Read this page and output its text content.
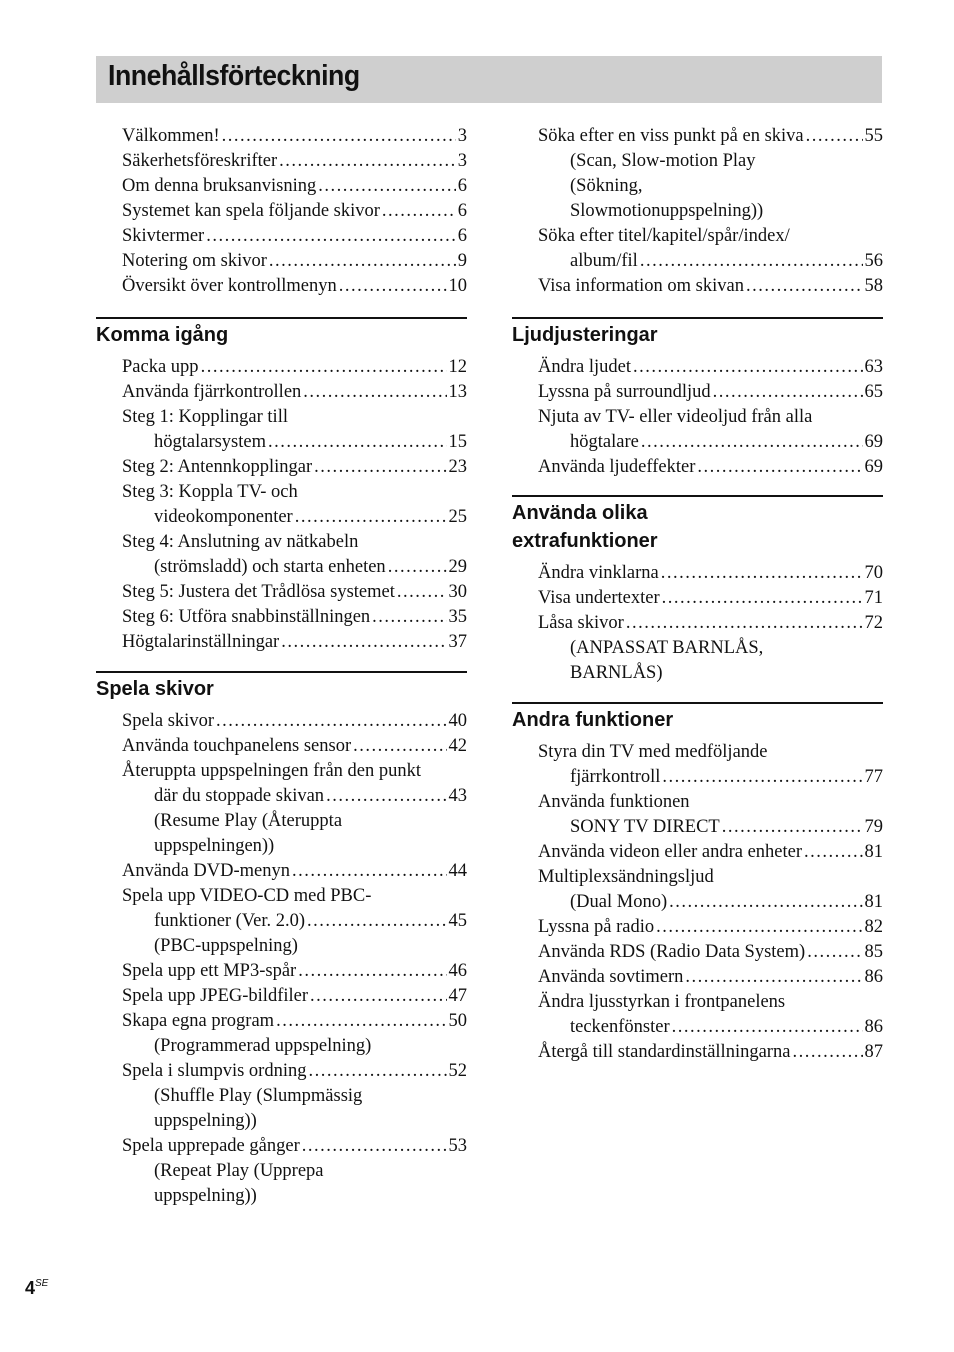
Innehållsförteckning
Välkommen! .....	3
Säkerhetsföreskrifter .....	3
Om denna bruksanvisning .....	6
Systemet kan spela följande skivor .....	6
Skivtermer .....	6
Notering om skivor .....	9
Översikt över kontrollmenyn .....	10
Komma igång
Packa upp .....	12
Använda fjärrkontrollen .....	13
Steg 1: Kopplingar till
högtalarsystem .....	15
Steg 2: Antennkopplingar .....	23
Steg 3: Koppla TV- och
videokomponenter .....	25
Steg 4: Anslutning av nätkabeln
(strömsladd) och starta enheten .....	29
Steg 5: Justera det Trådlösa systemet .....	30
Steg 6: Utföra snabbinställningen .....	35
Högtalarinställningar .....	37
Spela skivor
Spela skivor .....	40
Använda touchpanelens sensor .....	42
Återuppta uppspelningen från den punkt
där du stoppade skivan .....	43
(Resume Play (Återuppta
uppspelningen))
Använda DVD-menyn .....	44
Spela upp VIDEO-CD med PBC-
funktioner (Ver. 2.0) .....	45
(PBC-uppspelning)
Spela upp ett MP3-spår .....	46
Spela upp JPEG-bildfiler .....	47
Skapa egna program .....	50
(Programmerad uppspelning)
Spela i slumpvis ordning .....	52
(Shuffle Play (Slumpmässig
uppspelning))
Spela upprepade gånger .....	53
(Repeat Play (Upprepa
uppspelning))
Söka efter en viss punkt på en skiva .....	55
(Scan, Slow-motion Play
(Sökning,
Slowmotionuppspelning))
Söka efter titel/kapitel/spår/index/
album/fil .....	56
Visa information om skivan .....	58
Ljudjusteringar
Ändra ljudet .....	63
Lyssna på surroundljud .....	65
Njuta av TV- eller videoljud från alla
högtalare .....	69
Använda ljudeffekter .....	69
Använda olika
extrafunktioner
Ändra vinklarna .....	70
Visa undertexter .....	71
Låsa skivor .....	72
(ANPASSAT BARNLÅS,
BARNLÅS)
Andra funktioner
Styra din TV med medföljande
fjärrkontroll .....	77
Använda funktionen
SONY TV DIRECT .....	79
Använda videon eller andra enheter .....	81
Multiplexsändningsljud
(Dual Mono) .....	81
Lyssna på radio .....	82
Använda RDS (Radio Data System) .....	85
Använda sovtimern .....	86
Ändra ljusstyrkan i frontpanelens
teckenfönster .....	86
Återgå till standardinställningarna .....	87
$4^{SE}$
